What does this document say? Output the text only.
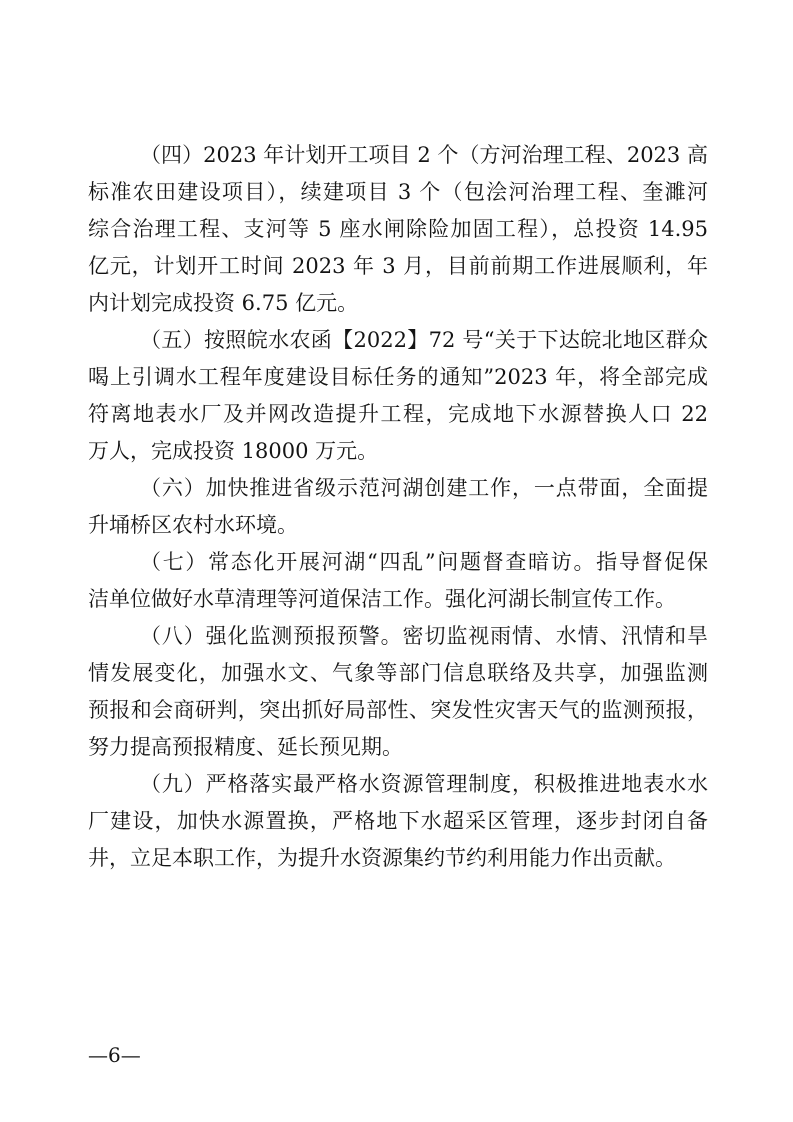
（四）2023 年计划开工项目 2 个（方河治理工程、2023 高
标准农田建设项目），续建项目 3 个（包浍河治理工程、奎濉河
综合治理工程、支河等 5 座水闸除险加固工程），总投资 14.95
亿元，计划开工时间 2023 年 3 月，目前前期工作进展顺利，年
内计划完成投资 6.75 亿元。
（五）按照皖水农函【2022】72 号“关于下达皖北地区群众
喝上引调水工程年度建设目标任务的通知”2023 年，将全部完成
符离地表水厂及并网改造提升工程，完成地下水源替换人口 22
万人，完成投资 18000 万元。
（六）加快推进省级示范河湖创建工作，一点带面，全面提
升埇桥区农村水环境。
（七）常态化开展河湖“四乱”问题督查暗访。指导督促保
洁单位做好水草清理等河道保洁工作。强化河湖长制宣传工作。
（八）强化监测预报预警。密切监视雨情、水情、汛情和旱
情发展变化，加强水文、气象等部门信息联络及共享，加强监测
预报和会商研判，突出抓好局部性、突发性灾害天气的监测预报，
努力提高预报精度、延长预见期。
（九）严格落实最严格水资源管理制度，积极推进地表水水
厂建设，加快水源置换，严格地下水超采区管理，逐步封闭自备
井，立足本职工作，为提升水资源集约节约利用能力作出贡献。
—6—
